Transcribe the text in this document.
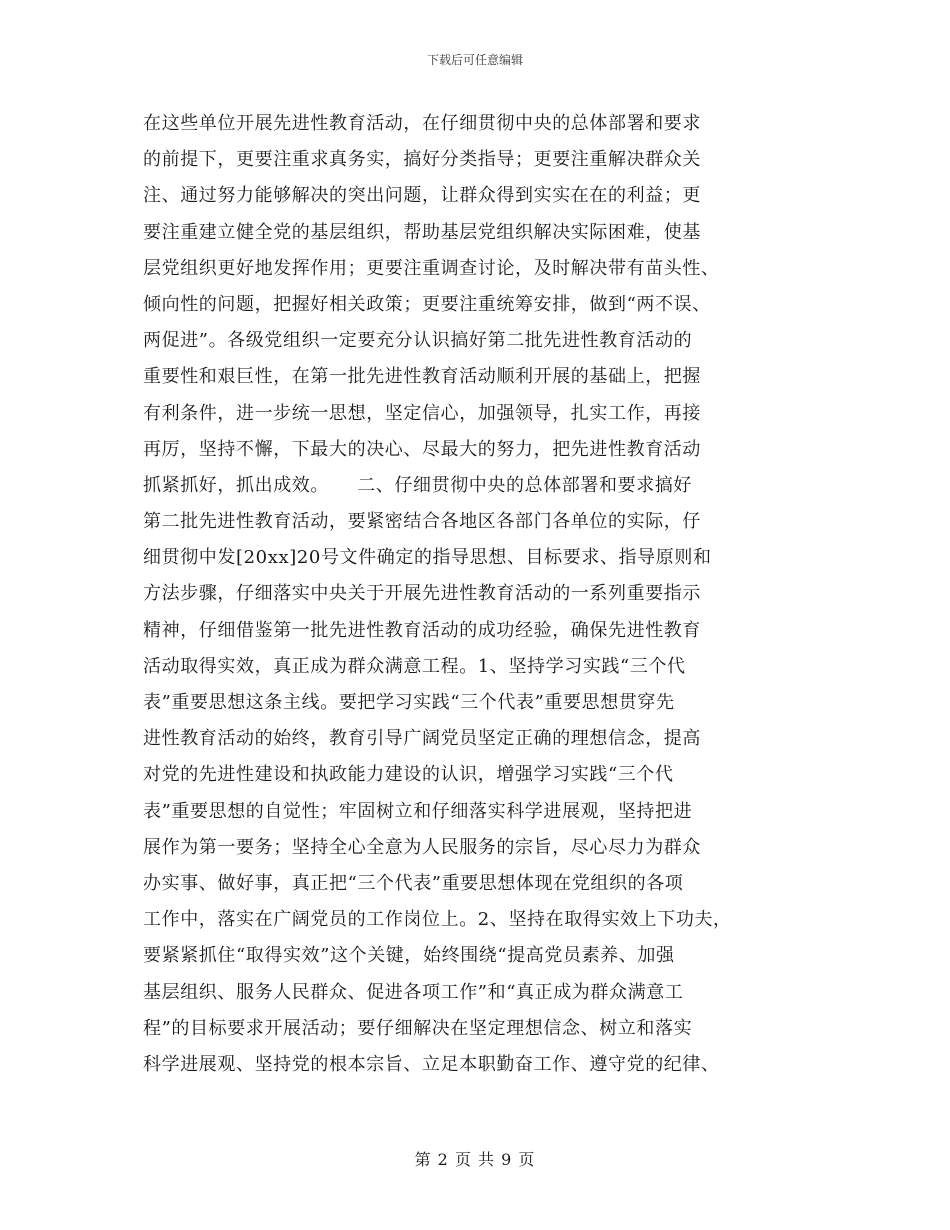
下载后可任意编辑
在这些单位开展先进性教育活动，在仔细贯彻中央的总体部署和要求
的前提下，更要注重求真务实，搞好分类指导；更要注重解决群众关
注、通过努力能够解决的突出问题，让群众得到实实在在的利益；更
要注重建立健全党的基层组织，帮助基层党组织解决实际困难，使基
层党组织更好地发挥作用；更要注重调查讨论，及时解决带有苗头性、
倾向性的问题，把握好相关政策；更要注重统筹安排，做到“两不误、
两促进”。各级党组织一定要充分认识搞好第二批先进性教育活动的
重要性和艰巨性，在第一批先进性教育活动顺利开展的基础上，把握
有利条件，进一步统一思想，坚定信心，加强领导，扎实工作，再接
再厉，坚持不懈，下最大的决心、尽最大的努力，把先进性教育活动
抓紧抓好，抓出成效。　　二、仔细贯彻中央的总体部署和要求搞好
第二批先进性教育活动，要紧密结合各地区各部门各单位的实际，仔
细贯彻中发[20xx]20号文件确定的指导思想、目标要求、指导原则和
方法步骤，仔细落实中央关于开展先进性教育活动的一系列重要指示
精神，仔细借鉴第一批先进性教育活动的成功经验，确保先进性教育
活动取得实效，真正成为群众满意工程。1、坚持学习实践“三个代
表”重要思想这条主线。要把学习实践“三个代表”重要思想贯穿先
进性教育活动的始终，教育引导广阔党员坚定正确的理想信念，提高
对党的先进性建设和执政能力建设的认识，增强学习实践“三个代
表”重要思想的自觉性；牢固树立和仔细落实科学进展观，坚持把进
展作为第一要务；坚持全心全意为人民服务的宗旨，尽心尽力为群众
办实事、做好事，真正把“三个代表”重要思想体现在党组织的各项
工作中，落实在广阔党员的工作岗位上。2、坚持在取得实效上下功夫，
要紧紧抓住“取得实效”这个关键，始终围绕“提高党员素养、加强
基层组织、服务人民群众、促进各项工作”和“真正成为群众满意工
程”的目标要求开展活动；要仔细解决在坚定理想信念、树立和落实
科学进展观、坚持党的根本宗旨、立足本职勤奋工作、遵守党的纪律、
第 2 页 共 9 页
